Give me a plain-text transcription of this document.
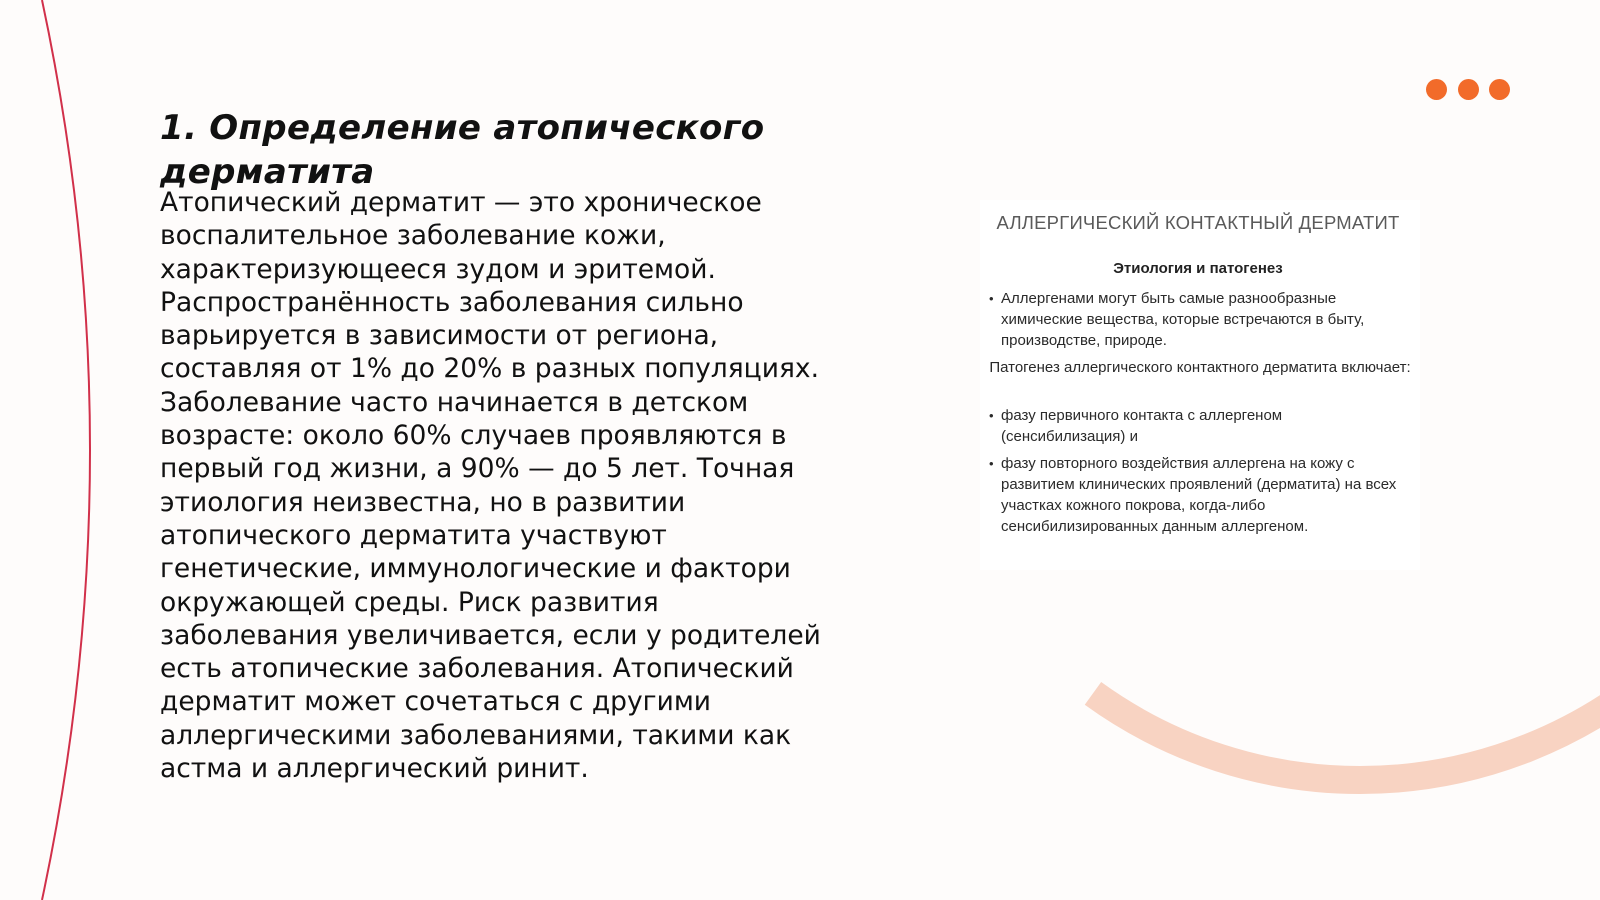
1. Определение атопического дерматита

Атопический дерматит — это хроническое воспалительное заболевание кожи, характеризующееся зудом и эритемой. Распространённость заболевания сильно варьируется в зависимости от региона, составляя от 1% до 20% в разных популяциях. Заболевание часто начинается в детском возрасте: около 60% случаев проявляются в первый год жизни, а 90% — до 5 лет. Точная этиология неизвестна, но в развитии атопического дерматита участвуют генетические, иммунологические и фактори окружающей среды. Риск развития заболевания увеличивается, если у родителей есть атопические заболевания. Атопический дерматит может сочетаться с другими аллергическими заболеваниями, такими как астма и аллергический ринит.

АЛЛЕРГИЧЕСКИЙ КОНТАКТНЫЙ ДЕРМАТИТ
Этиология и патогенез
• Аллергенами могут быть самые разнообразные химические вещества, которые встречаются в быту, производстве, природе.
Патогенез аллергического контактного дерматита включает:
• фазу первичного контакта с аллергеном (сенсибилизация) и
• фазу повторного воздействия аллергена на кожу с развитием клинических проявлений (дерматита) на всех участках кожного покрова, когда-либо сенсибилизированных данным аллергеном.
